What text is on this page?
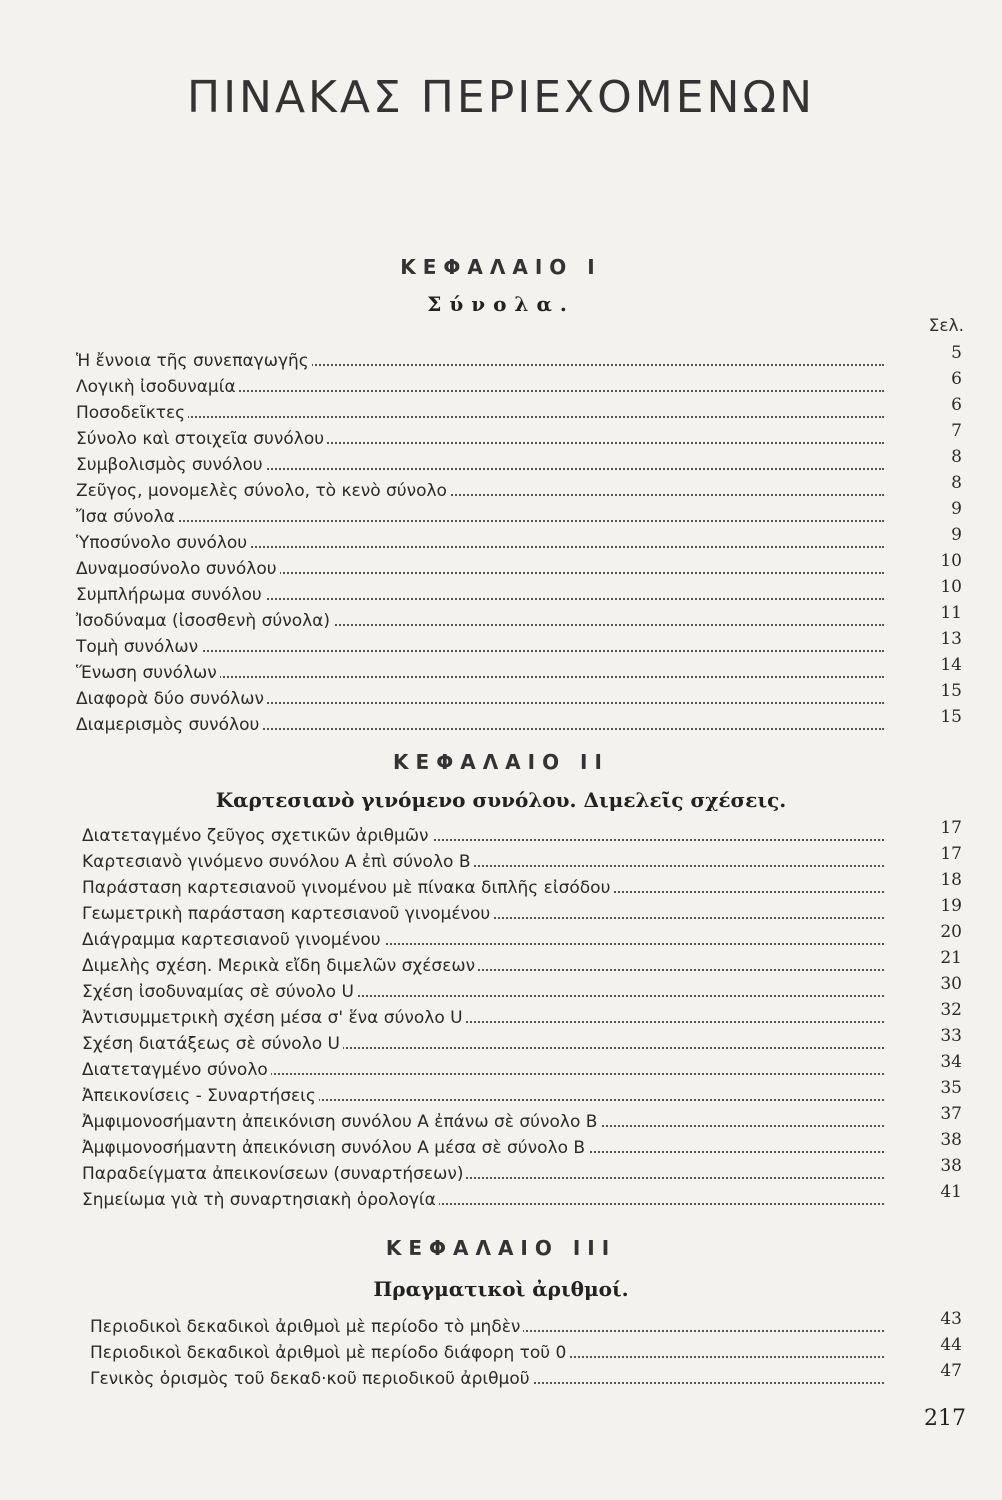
ΠΙΝΑΚΑΣ ΠΕΡΙΕΧΟΜΕΝΩΝ
ΚΕΦΑΛΑΙΟ Ι
Σύνολα.
Σελ.
Ἡ ἔννοια τῆς συνεπαγωγῆς	5
Λογικὴ ἰσοδυναμία	6
Ποσοδεῖκτες	6
Σύνολο καὶ στοιχεῖα συνόλου	7
Συμβολισμὸς συνόλου	8
Ζεῦγος, μονομελὲς σύνολο, τὸ κενὸ σύνολο	8
Ἴσα σύνολα	9
Ὑποσύνολο συνόλου	9
Δυναμοσύνολο συνόλου	10
Συμπλήρωμα συνόλου	10
Ἰσοδύναμα (ἰσοσθενὴ σύνολα)	11
Τομὴ συνόλων	13
Ἕνωση συνόλων	14
Διαφορὰ δύο συνόλων	15
Διαμερισμὸς συνόλου	15
ΚΕΦΑΛΑΙΟ ΙΙ
Καρτεσιανὸ γινόμενο συνόλου. Διμελεῖς σχέσεις.
Διατεταγμένο ζεῦγος σχετικῶν ἀριθμῶν	17
Καρτεσιανὸ γινόμενο συνόλου Α ἐπὶ σύνολο Β	17
Παράσταση καρτεσιανοῦ γινομένου μὲ πίνακα διπλῆς εἰσόδου	18
Γεωμετρικὴ παράσταση καρτεσιανοῦ γινομένου	19
Διάγραμμα καρτεσιανοῦ γινομένου	20
Διμελὴς σχέση. Μερικὰ εἴδη διμελῶν σχέσεων	21
Σχέση ἰσοδυναμίας σὲ σύνολο U	30
Ἀντισυμμετρικὴ σχέση μέσα σ' ἕνα σύνολο U	32
Σχέση διατάξεως σὲ σύνολο U	33
Διατεταγμένο σύνολο	34
Ἀπεικονίσεις - Συναρτήσεις	35
Ἀμφιμονοσήμαντη ἀπεικόνιση συνόλου Α ἐπάνω σὲ σύνολο Β	37
Ἀμφιμονοσήμαντη ἀπεικόνιση συνόλου Α μέσα σὲ σύνολο Β	38
Παραδείγματα ἀπεικονίσεων (συναρτήσεων)	38
Σημείωμα γιὰ τὴ συναρτησιακὴ ὁρολογία	41
ΚΕΦΑΛΑΙΟ ΙΙΙ
Πραγματικοὶ ἀριθμοί.
Περιοδικοὶ δεκαδικοὶ ἀριθμοὶ μὲ περίοδο τὸ μηδὲν	43
Περιοδικοὶ δεκαδικοὶ ἀριθμοὶ μὲ περίοδο διάφορη τοῦ 0	44
Γενικὸς ὁρισμὸς τοῦ δεκαδ·κοῦ περιοδικοῦ ἀριθμοῦ	47
217
